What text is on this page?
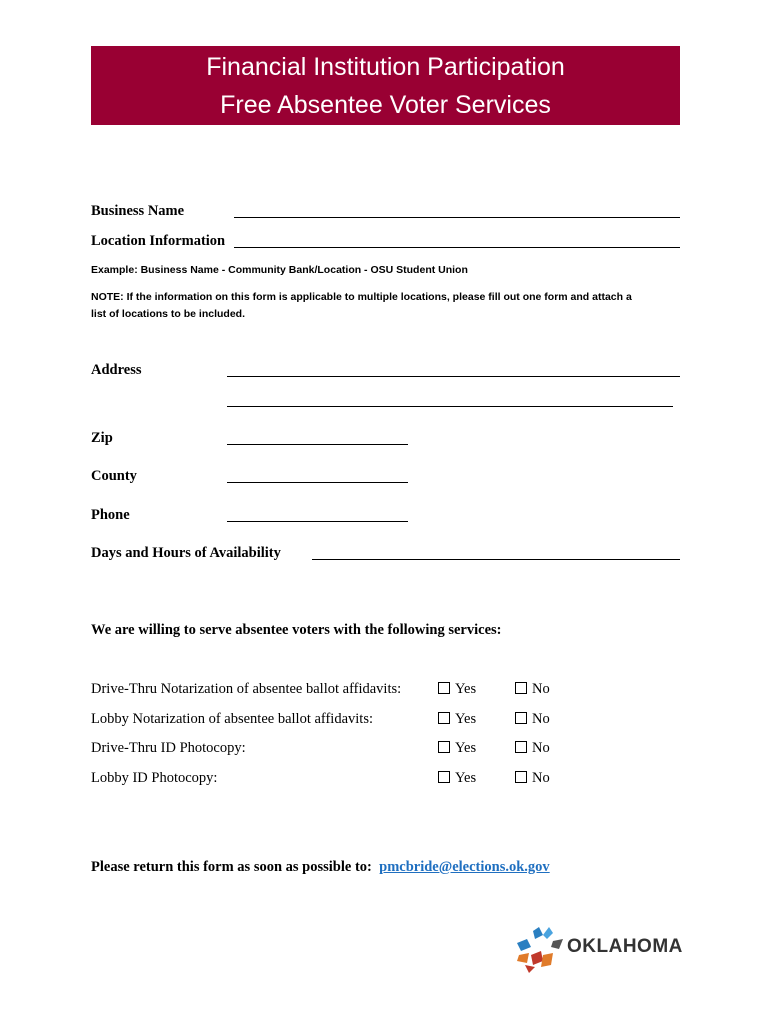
Financial Institution Participation
Free Absentee Voter Services
Business Name
Location Information
Example: Business Name - Community Bank/Location - OSU Student Union
NOTE: If the information on this form is applicable to multiple locations, please fill out one form and attach a
list of locations to be included.
Address
Zip
County
Phone
Days and Hours of Availability
We are willing to serve absentee voters with the following services:
Drive-Thru Notarization of absentee ballot affidavits:	Yes	No
Lobby Notarization of absentee ballot affidavits:	Yes	No
Drive-Thru ID Photocopy:	Yes	No
Lobby ID Photocopy:	Yes	No
Please return this form as soon as possible to: pmcbride@elections.ok.gov
OKLAHOMA
